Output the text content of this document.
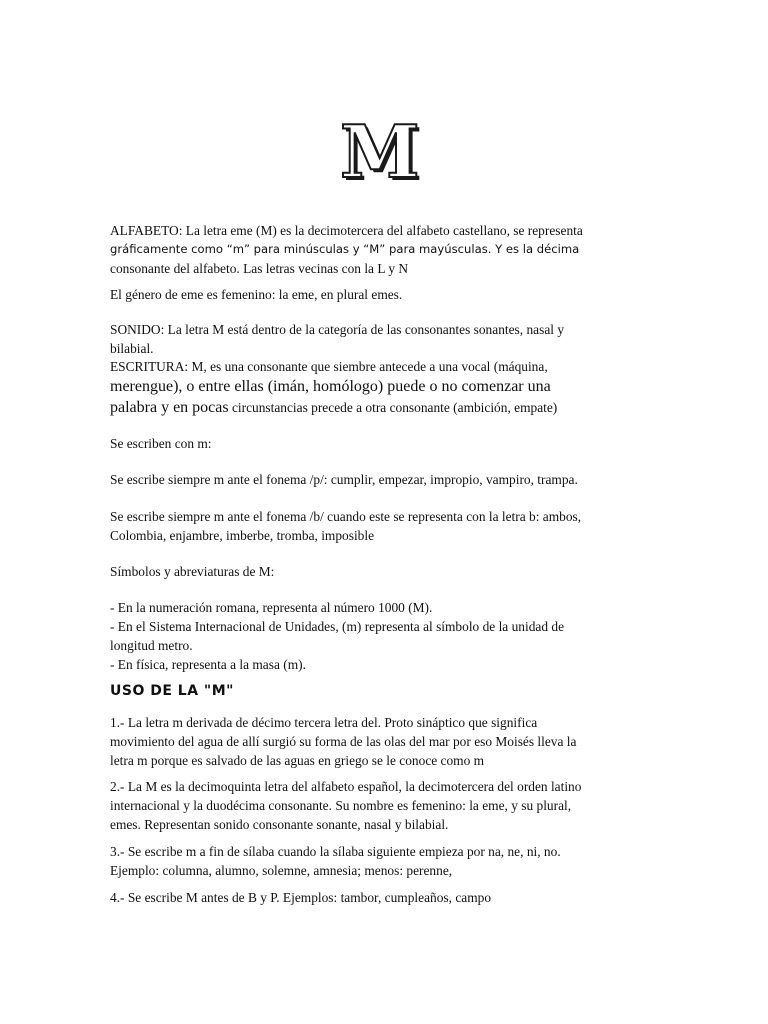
M

ALFABETO: La letra eme (M) es la decimotercera del alfabeto castellano, se representa
gráficamente como “m” para minúsculas y “M” para mayúsculas. Y es la décima
consonante del alfabeto. Las letras vecinas con la L y N

El género de eme es femenino: la eme, en plural emes.

SONIDO: La letra M está dentro de la categoría de las consonantes sonantes, nasal y
bilabial.

ESCRITURA: M, es una consonante que siembre antecede a una vocal (máquina,
merengue), o entre ellas (imán, homólogo) puede o no comenzar una
palabra y en pocas circunstancias precede a otra consonante (ambición, empate)

Se escriben con m:

Se escribe siempre m ante el fonema /p/: cumplir, empezar, impropio, vampiro, trampa.

Se escribe siempre m ante el fonema /b/ cuando este se representa con la letra b: ambos,
Colombia, enjambre, imberbe, tromba, imposible

Símbolos y abreviaturas de M:

- En la numeración romana, representa al número 1000 (M).
- En el Sistema Internacional de Unidades, (m) representa al símbolo de la unidad de
longitud metro.
- En física, representa a la masa (m).

USO DE LA "M"

1.- La letra m derivada de décimo tercera letra del. Proto sináptico que significa
movimiento del agua de allí surgió su forma de las olas del mar por eso Moisés lleva la
letra m porque es salvado de las aguas en griego se le conoce como m

2.- La M es la decimoquinta letra del alfabeto español, la decimotercera del orden latino
internacional y la duodécima consonante. Su nombre es femenino: la eme, y su plural,
emes. Representan sonido consonante sonante, nasal y bilabial.

3.- Se escribe m a fin de sílaba cuando la sílaba siguiente empieza por na, ne, ni, no.
Ejemplo: columna, alumno, solemne, amnesia; menos: perenne,

4.- Se escribe M antes de B y P. Ejemplos: tambor, cumpleaños, campo
